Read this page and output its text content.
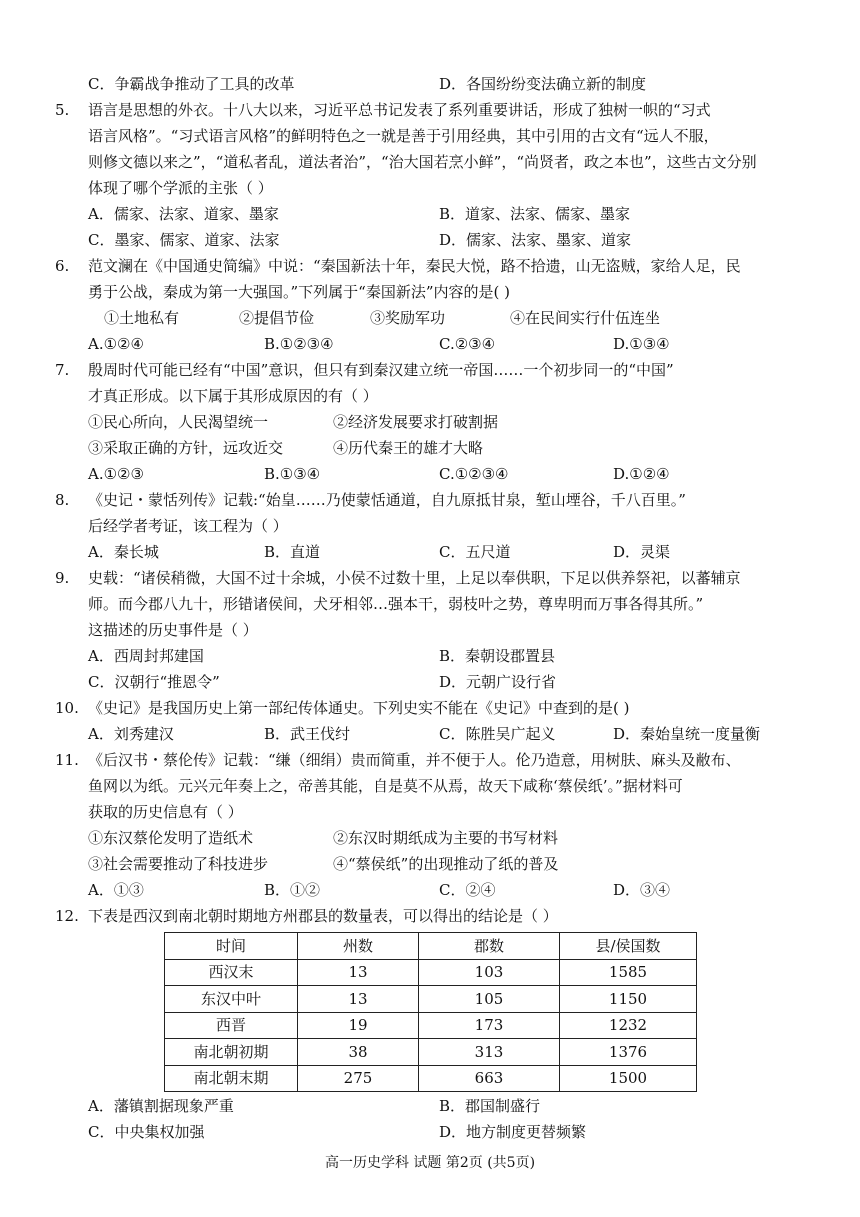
C．争霸战争推动了工具的改革	D．各国纷纷变法确立新的制度
5. 语言是思想的外衣。十八大以来，习近平总书记发表了系列重要讲话，形成了独树一帜的“习式
语言风格”。“习式语言风格”的鲜明特色之一就是善于引用经典，其中引用的古文有“远人不服，
则修文德以来之”，“道私者乱，道法者治”，“治大国若烹小鲜”，“尚贤者，政之本也”，这些古文分别
体现了哪个学派的主张（ ）
A．儒家、法家、道家、墨家	B．道家、法家、儒家、墨家
C．墨家、儒家、道家、法家	D．儒家、法家、墨家、道家
6. 范文澜在《中国通史简编》中说：“秦国新法十年，秦民大悦，路不拾遗，山无盗贼，家给人足，民
勇于公战，秦成为第一大强国。”下列属于“秦国新法”内容的是( )
①土地私有	②提倡节俭	③奖励军功	④在民间实行什伍连坐
A.①②④	B.①②③④	C.②③④	D.①③④
7. 殷周时代可能已经有“中国”意识，但只有到秦汉建立统一帝国……一个初步同一的“中国”
才真正形成。以下属于其形成原因的有（ ）
①民心所向，人民渴望统一	②经济发展要求打破割据
③采取正确的方针，远攻近交	④历代秦王的雄才大略
A.①②③	B.①③④	C.①②③④	D.①②④
8. 《史记・蒙恬列传》记载:“始皇……乃使蒙恬通道，自九原抵甘泉，堑山堙谷，千八百里。”
后经学者考证，该工程为（ ）
A．秦长城	B．直道	C．五尺道	D．灵渠
9. 史载：“诸侯稍微，大国不过十余城，小侯不过数十里，上足以奉供职，下足以供养祭祀，以蕃辅京
师。而今郡八九十，形错诸侯间，犬牙相邻…强本干，弱枝叶之势，尊卑明而万事各得其所。”
这描述的历史事件是（ ）
A．西周封邦建国	B．秦朝设郡置县
C．汉朝行“推恩令”	D．元朝广设行省
10. 《史记》是我国历史上第一部纪传体通史。下列史实不能在《史记》中查到的是( )
A．刘秀建汉	B．武王伐纣	C．陈胜吴广起义	D．秦始皇统一度量衡
11. 《后汉书・蔡伦传》记载：“缣（细绢）贵而简重，并不便于人。伦乃造意，用树肤、麻头及敝布、
鱼网以为纸。元兴元年奏上之，帝善其能，自是莫不从焉，故天下咸称‘蔡侯纸’。”据材料可
获取的历史信息有（ ）
①东汉蔡伦发明了造纸术	②东汉时期纸成为主要的书写材料
③社会需要推动了科技进步	④“蔡侯纸”的出现推动了纸的普及
A．①③	B．①②	C．②④	D．③④
12. 下表是西汉到南北朝时期地方州郡县的数量表，可以得出的结论是（ ）
时间	州数	郡数	县/侯国数
西汉末	13	103	1585
东汉中叶	13	105	1150
西晋	19	173	1232
南北朝初期	38	313	1376
南北朝末期	275	663	1500
A．藩镇割据现象严重	B．郡国制盛行
C．中央集权加强	D．地方制度更替频繁
高一历史学科 试题 第2页 (共5页)
